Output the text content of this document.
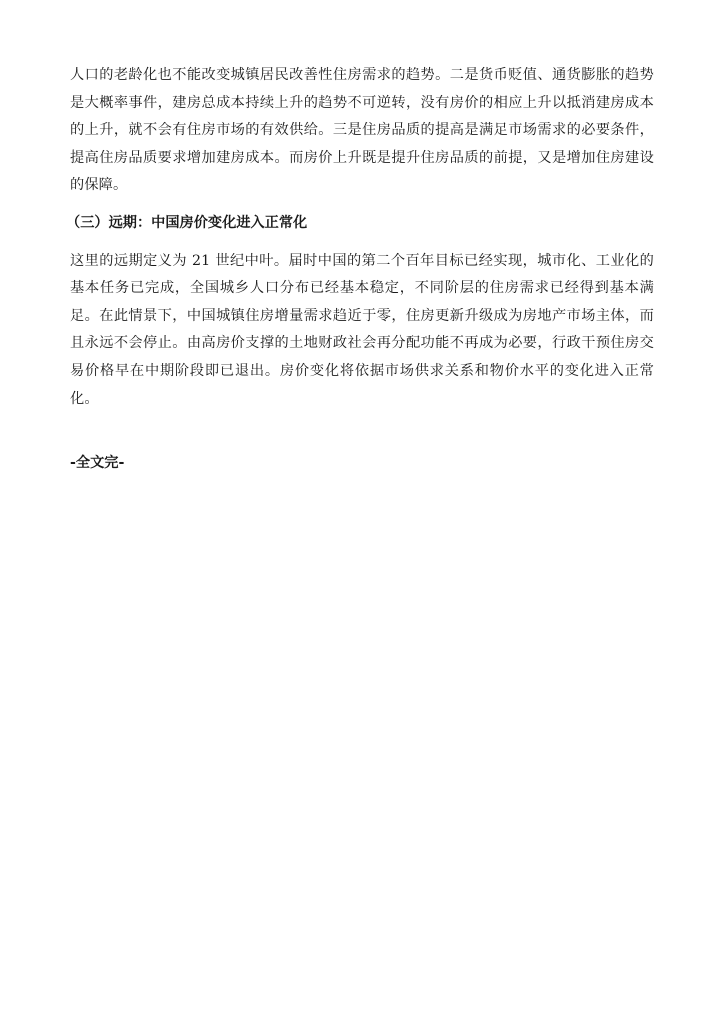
人口的老龄化也不能改变城镇居民改善性住房需求的趋势。二是货币贬值、通货膨胀的趋势
是大概率事件，建房总成本持续上升的趋势不可逆转，没有房价的相应上升以抵消建房成本
的上升，就不会有住房市场的有效供给。三是住房品质的提高是满足市场需求的必要条件，
提高住房品质要求增加建房成本。而房价上升既是提升住房品质的前提，又是增加住房建设
的保障。

（三）远期：中国房价变化进入正常化

这里的远期定义为 21 世纪中叶。届时中国的第二个百年目标已经实现，城市化、工业化的
基本任务已完成，全国城乡人口分布已经基本稳定，不同阶层的住房需求已经得到基本满
足。在此情景下，中国城镇住房增量需求趋近于零，住房更新升级成为房地产市场主体，而
且永远不会停止。由高房价支撑的土地财政社会再分配功能不再成为必要，行政干预住房交
易价格早在中期阶段即已退出。房价变化将依据市场供求关系和物价水平的变化进入正常
化。

-全文完-
